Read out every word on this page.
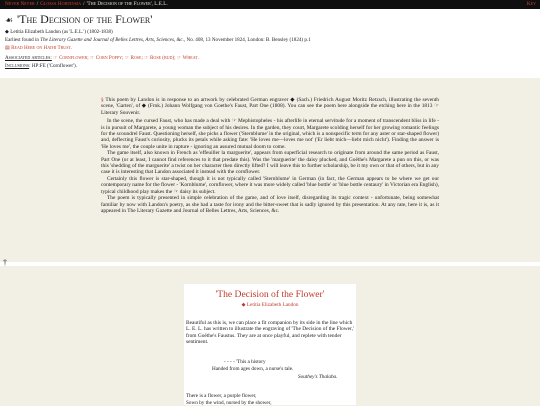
Never Never / Glossa Hortensia / 'The Decision of the Flower', L.E.L.	Key
☙ 'The Decision of the Flower'
◆ Letitia Elizabeth Landon (as 'L.E.L.') (1802-1838)
Earliest found in The Literary Gazette and Journal of Belles Lettres, Arts, Sciences, &c., No. 408, 13 November 1824, London: B. Bensley (1824) p.1
▤ Read Here on Hathi Trust.
Associated articles: ☞ Cornflower; ☞ Corn Poppy; ☞ Rose; ☞ Rose (bud); ☞ Wheat.
Inclusions: HP:FE ('Cornflower').

§ This poem by Landon is in response to an artwork by celebrated German engraver ◆ (Sach.) Friedrich August Moritz Retzsch, illustrating the seventh scene, 'Garten', of ◆ (Frnk.) Johann Wolfgang von Goethe's Faust, Part One (1808). You can see the poem here alongside the etching here in the 1813 ☞ Literary Souvenir.

In the scene, the cursed Faust, who has made a deal with ☞ Mephistopheles - his afterlife in eternal servitude for a moment of transcendent bliss in life - is in pursuit of Margarete, a young woman the subject of his desires. In the garden, they court, Margarete scolding herself for her growing romantic feelings for the scoundrel Faust. Questioning herself, she picks a flower ('Sternblume' in the original, which is a nonspecific term for any aster or star-shaped flower) and, deflecting Faust's curiosity, plucks its petals while asking fate: 'He loves me—loves me not' ('Er liebt mich—liebt mich nicht'). Finding the answer is 'He loves me', the couple unite in rapture - ignoring an assured mutual doom to come.

The game itself, also known in French as 'effeuiller la marguerite', appears from superficial research to originate from around the same period as Faust, Part One (or at least, I cannot find references to it that predate this). Was the 'marguerite' the daisy plucked, and Goëthe's Margarete a pun on this, or was this 'shedding of the marguerite' a twist on her character then directly lifted? I will leave this to further scholarship, be it my own or that of others, but in any case it is interesting that Landon associated it instead with the cornflower.

Certainly this flower is star-shaped, though it is not typically called 'Sternblume' in German (in fact, the German appears to be where we get our contemporary name for the flower - 'Kornblume', cornflower, where it was more widely called 'blue bottle' or 'blue bottle centaury' in Victorian era English), typical childhood play makes the ☞ daisy its subject.

The poem is typically presented in simple celebration of the game, and of love itself, disregarding its tragic context - unfortunate, being somewhat familiar by now with Landon's poetry, as she had a taste for irony and the bitter-sweet that is sadly ignored by this presentation. At any rate, here it is, as it appeared in The Literary Gazette and Journal of Belles Lettres, Arts, Sciences, &c.

†
'The Decision of the Flower'
◆ Letitia Elizabeth Landon
Beautiful as this is, we can place a fit companion by its side in the line which L. E. L. has written to illustrate the engraving of 'The Decision of the Flower,' from Goëthe's Faustus. They are at once playful, and replete with tender sentiment.
- - - - 'This a history
Handed from ages down, a nurse's tale.
Southey's Thalaba.
There is a flower, a purple flower,
Sown by the wind, nursed by the shower,
